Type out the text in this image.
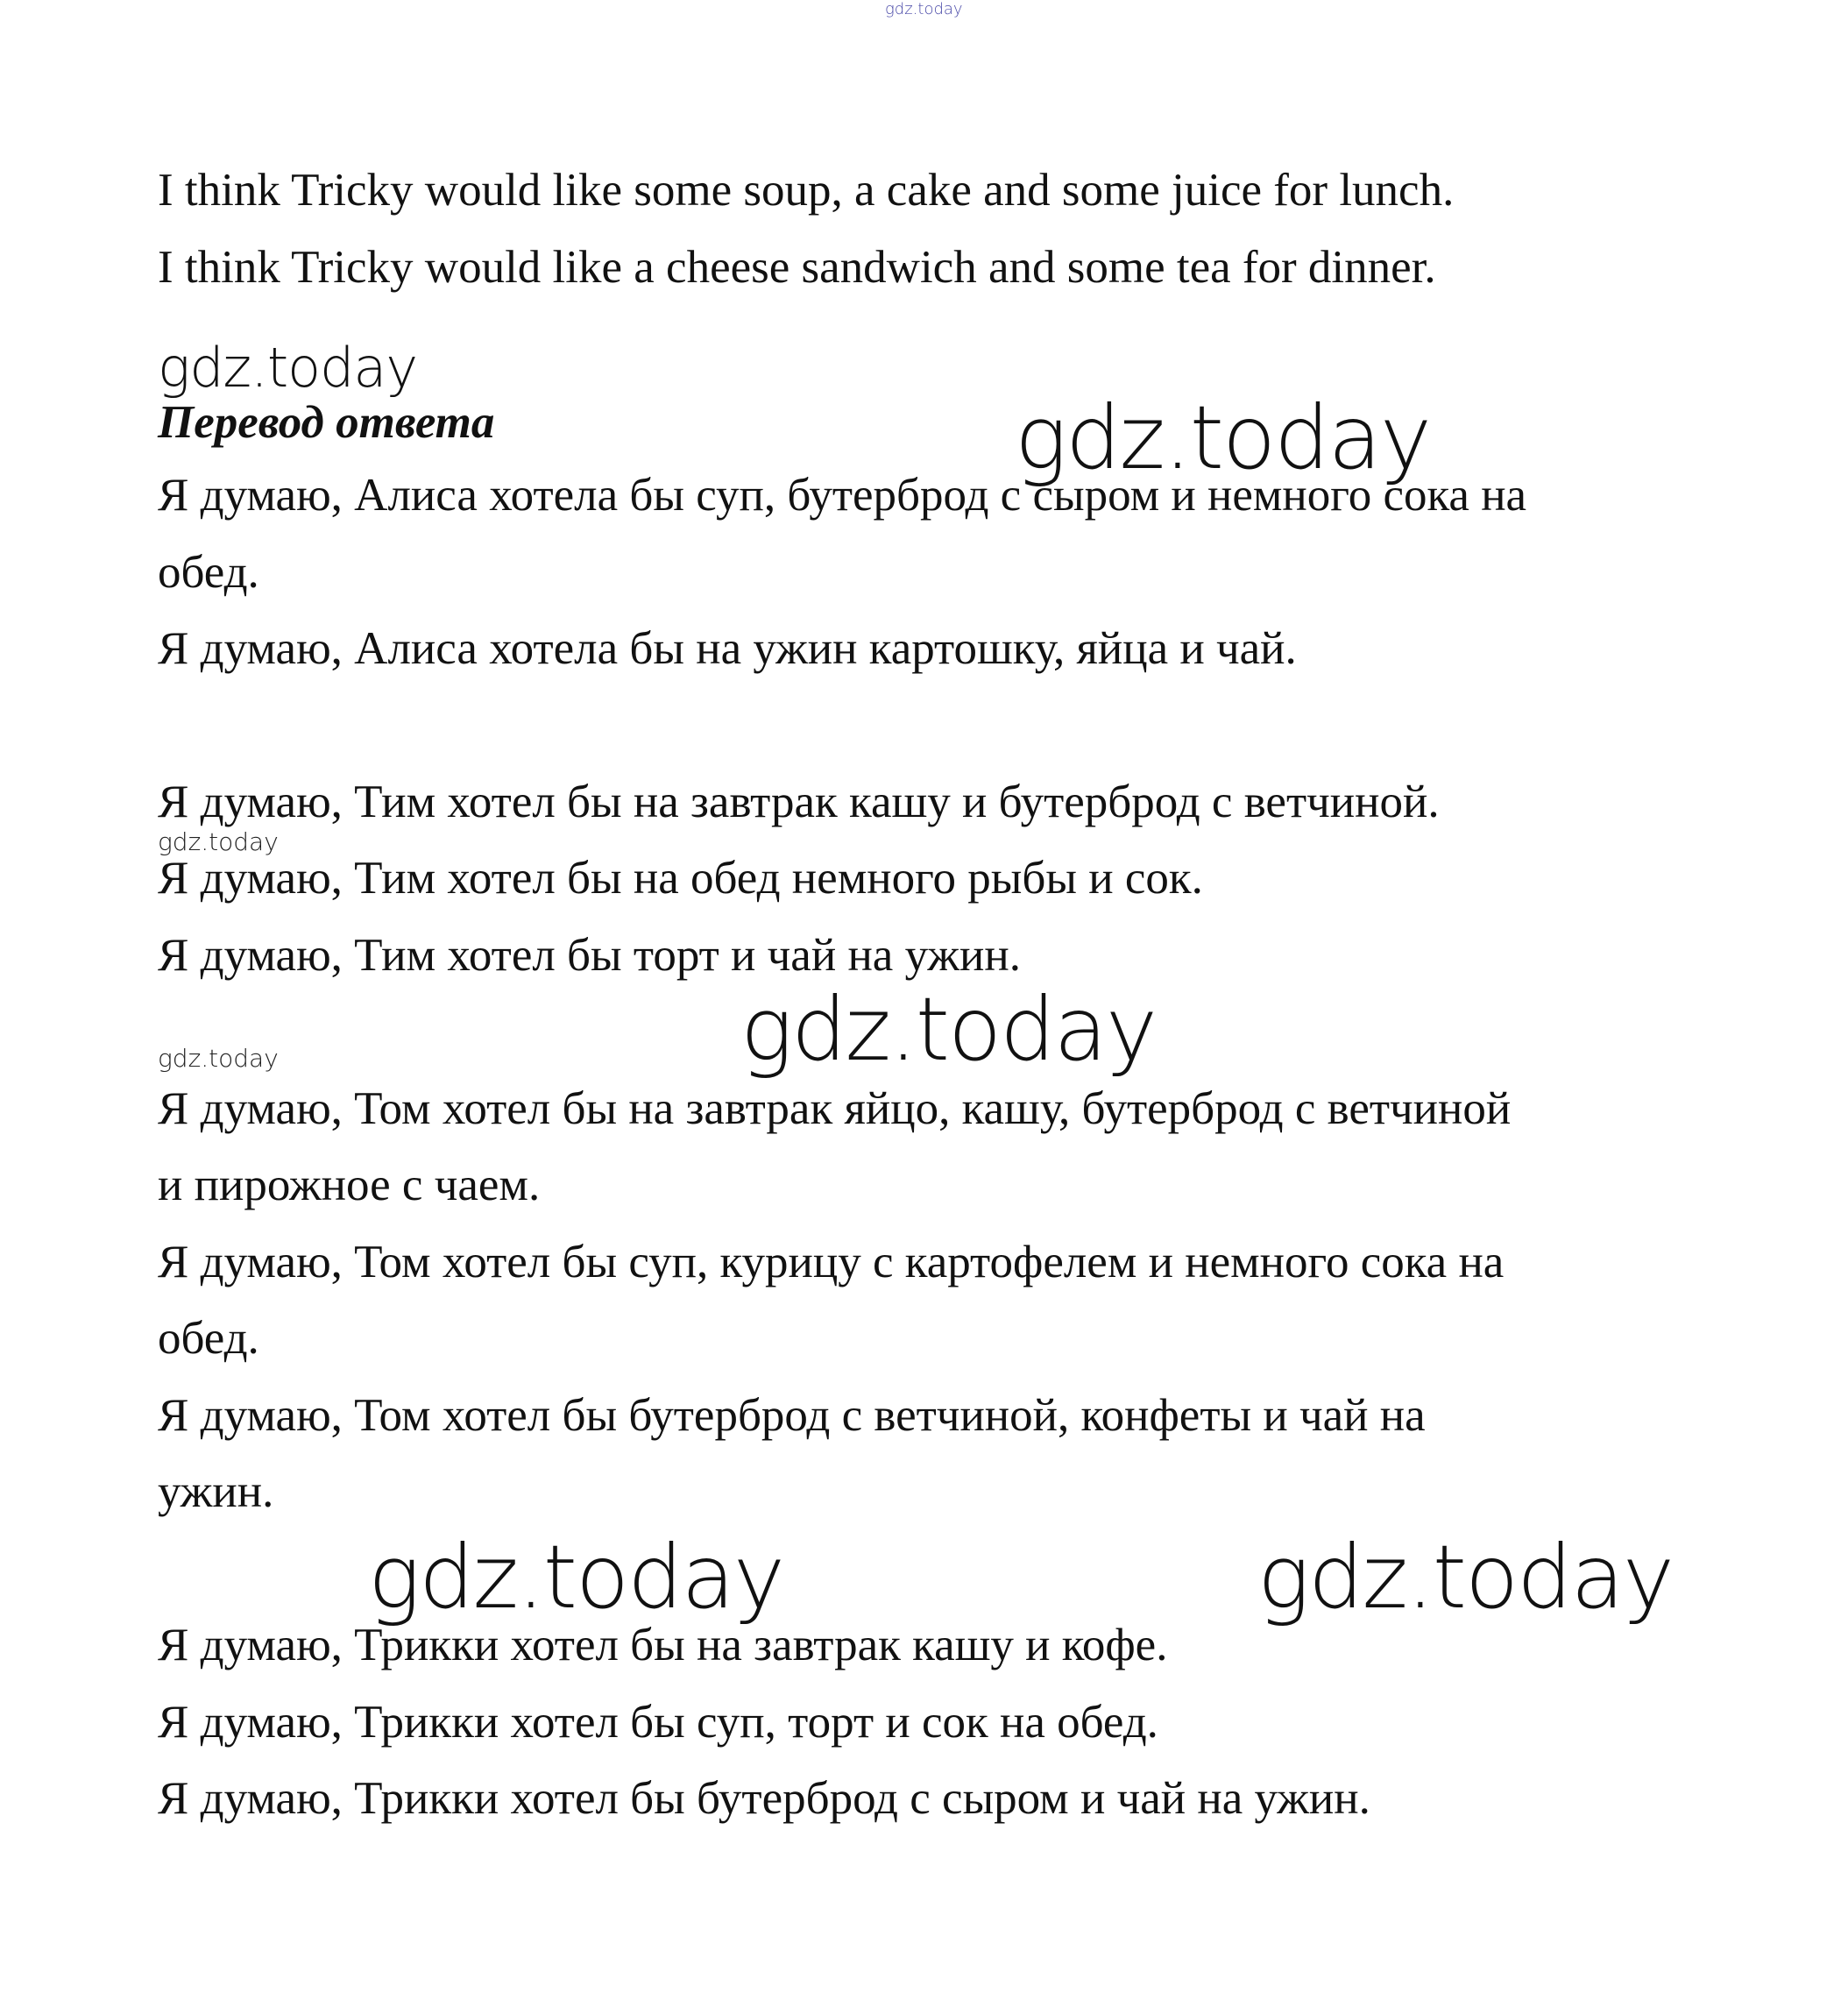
gdz.today
I think Tricky would like some soup, a cake and some juice for lunch.
I think Tricky would like a cheese sandwich and some tea for dinner.
gdz.today
Перевод ответа	gdz.today
Я думаю, Алиса хотела бы суп, бутерброд с сыром и немного сока на
обед.
Я думаю, Алиса хотела бы на ужин картошку, яйца и чай.
Я думаю, Тим хотел бы на завтрак кашу и бутерброд с ветчиной.
gdz.today
Я думаю, Тим хотел бы на обед немного рыбы и сок.
Я думаю, Тим хотел бы торт и чай на ужин.
gdz.today
gdz.today
Я думаю, Том хотел бы на завтрак яйцо, кашу, бутерброд с ветчиной
и пирожное с чаем.
Я думаю, Том хотел бы суп, курицу с картофелем и немного сока на
обед.
Я думаю, Том хотел бы бутерброд с ветчиной, конфеты и чай на
ужин.
gdz.today	gdz.today
Я думаю, Трикки хотел бы на завтрак кашу и кофе.
Я думаю, Трикки хотел бы суп, торт и сок на обед.
Я думаю, Трикки хотел бы бутерброд с сыром и чай на ужин.
